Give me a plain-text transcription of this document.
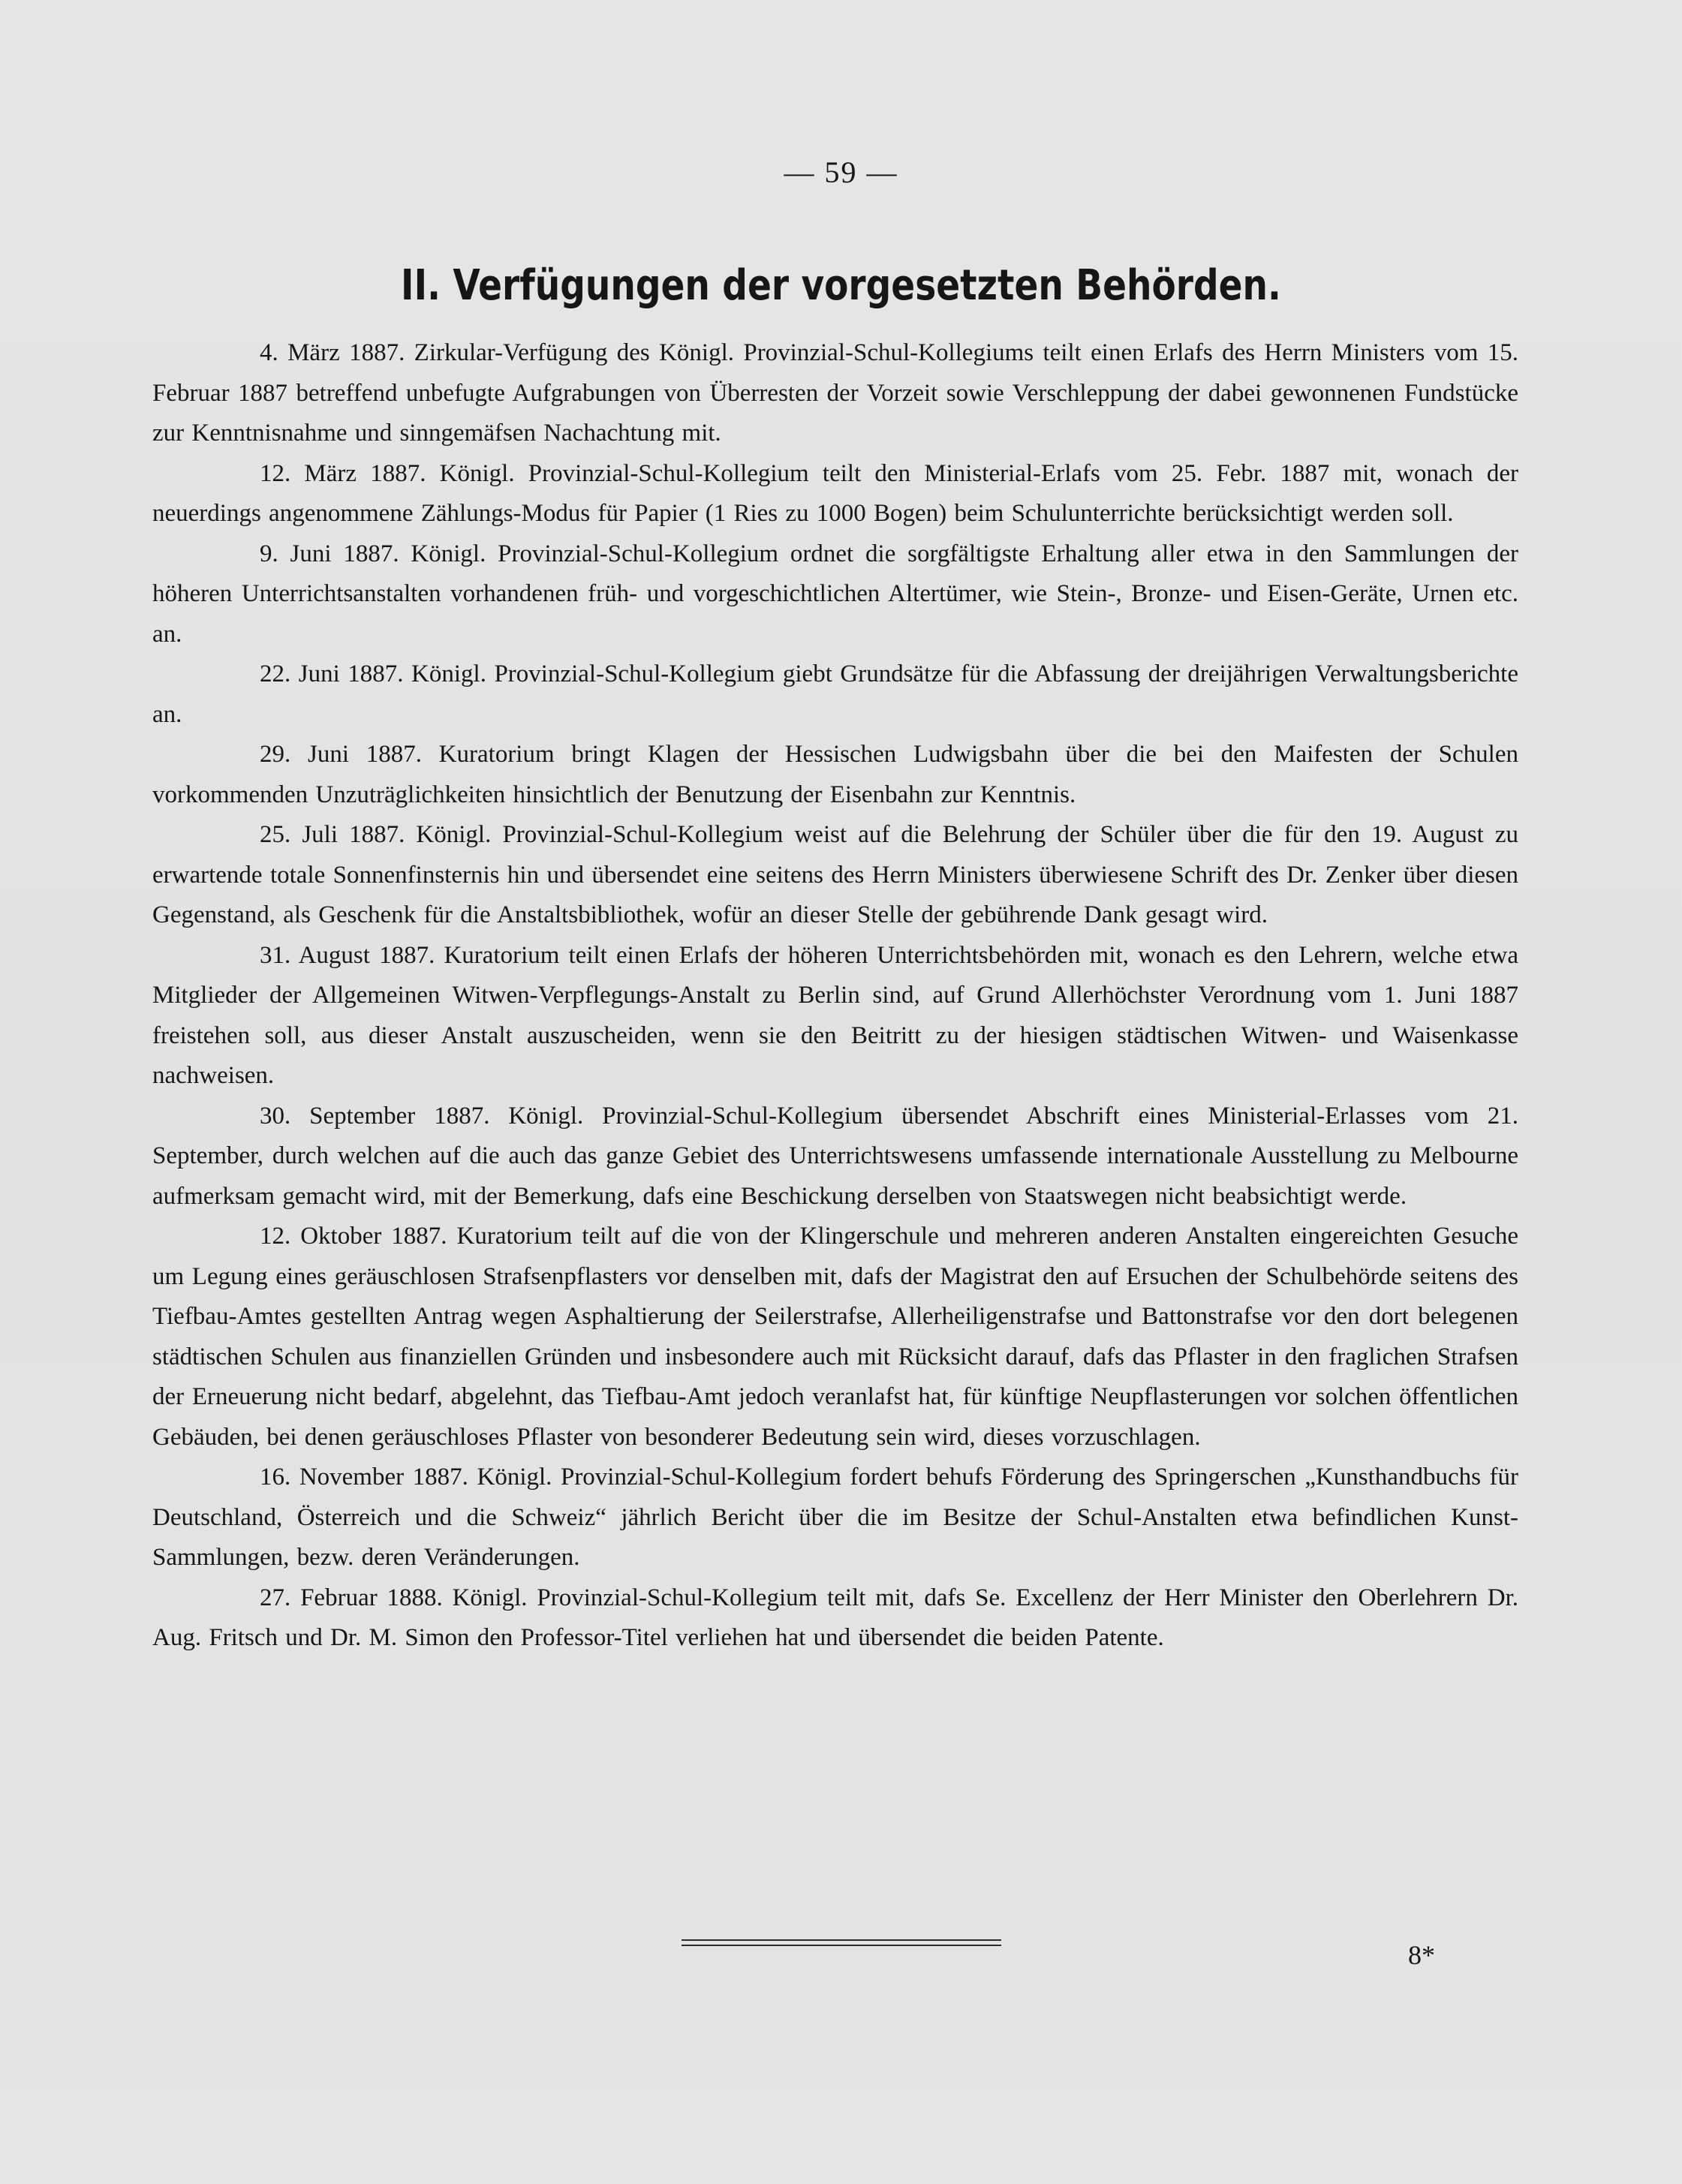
— 59 —
II. Verfügungen der vorgesetzten Behörden.

4. März 1887. Zirkular-Verfügung des Königl. Provinzial-Schul-Kollegiums teilt einen Erlafs des Herrn Ministers vom 15. Februar 1887 betreffend unbefugte Aufgrabungen von Überresten der Vorzeit sowie Verschleppung der dabei gewonnenen Fundstücke zur Kenntnisnahme und sinngemäfsen Nachachtung mit.

12. März 1887. Königl. Provinzial-Schul-Kollegium teilt den Ministerial-Erlafs vom 25. Febr. 1887 mit, wonach der neuerdings angenommene Zählungs-Modus für Papier (1 Ries zu 1000 Bogen) beim Schulunterrichte berücksichtigt werden soll.

9. Juni 1887. Königl. Provinzial-Schul-Kollegium ordnet die sorgfältigste Erhaltung aller etwa in den Sammlungen der höheren Unterrichtsanstalten vorhandenen früh- und vorgeschichtlichen Altertümer, wie Stein-, Bronze- und Eisen-Geräte, Urnen etc. an.

22. Juni 1887. Königl. Provinzial-Schul-Kollegium giebt Grundsätze für die Abfassung der dreijährigen Verwaltungsberichte an.

29. Juni 1887. Kuratorium bringt Klagen der Hessischen Ludwigsbahn über die bei den Maifesten der Schulen vorkommenden Unzuträglichkeiten hinsichtlich der Benutzung der Eisenbahn zur Kenntnis.

25. Juli 1887. Königl. Provinzial-Schul-Kollegium weist auf die Belehrung der Schüler über die für den 19. August zu erwartende totale Sonnenfinsternis hin und übersendet eine seitens des Herrn Ministers überwiesene Schrift des Dr. Zenker über diesen Gegenstand, als Geschenk für die Anstaltsbibliothek, wofür an dieser Stelle der gebührende Dank gesagt wird.

31. August 1887. Kuratorium teilt einen Erlafs der höheren Unterrichtsbehörden mit, wonach es den Lehrern, welche etwa Mitglieder der Allgemeinen Witwen-Verpflegungs-Anstalt zu Berlin sind, auf Grund Allerhöchster Verordnung vom 1. Juni 1887 freistehen soll, aus dieser Anstalt auszuscheiden, wenn sie den Beitritt zu der hiesigen städtischen Witwen- und Waisenkasse nachweisen.

30. September 1887. Königl. Provinzial-Schul-Kollegium übersendet Abschrift eines Ministerial-Erlasses vom 21. September, durch welchen auf die auch das ganze Gebiet des Unterrichtswesens umfassende internationale Ausstellung zu Melbourne aufmerksam gemacht wird, mit der Bemerkung, dafs eine Beschickung derselben von Staatswegen nicht beabsichtigt werde.

12. Oktober 1887. Kuratorium teilt auf die von der Klingerschule und mehreren anderen Anstalten eingereichten Gesuche um Legung eines geräuschlosen Strafsenpflasters vor denselben mit, dafs der Magistrat den auf Ersuchen der Schulbehörde seitens des Tiefbau-Amtes gestellten Antrag wegen Asphaltierung der Seilerstrafse, Allerheiligenstrafse und Battonstrafse vor den dort belegenen städtischen Schulen aus finanziellen Gründen und insbesondere auch mit Rücksicht darauf, dafs das Pflaster in den fraglichen Strafsen der Erneuerung nicht bedarf, abgelehnt, das Tiefbau-Amt jedoch veranlafst hat, für künftige Neupflasterungen vor solchen öffentlichen Gebäuden, bei denen geräuschloses Pflaster von besonderer Bedeutung sein wird, dieses vorzuschlagen.

16. November 1887. Königl. Provinzial-Schul-Kollegium fordert behufs Förderung des Springerschen „Kunsthandbuchs für Deutschland, Österreich und die Schweiz“ jährlich Bericht über die im Besitze der Schul-Anstalten etwa befindlichen Kunst-Sammlungen, bezw. deren Veränderungen.

27. Februar 1888. Königl. Provinzial-Schul-Kollegium teilt mit, dafs Se. Excellenz der Herr Minister den Oberlehrern Dr. Aug. Fritsch und Dr. M. Simon den Professor-Titel verliehen hat und übersendet die beiden Patente.

8*
